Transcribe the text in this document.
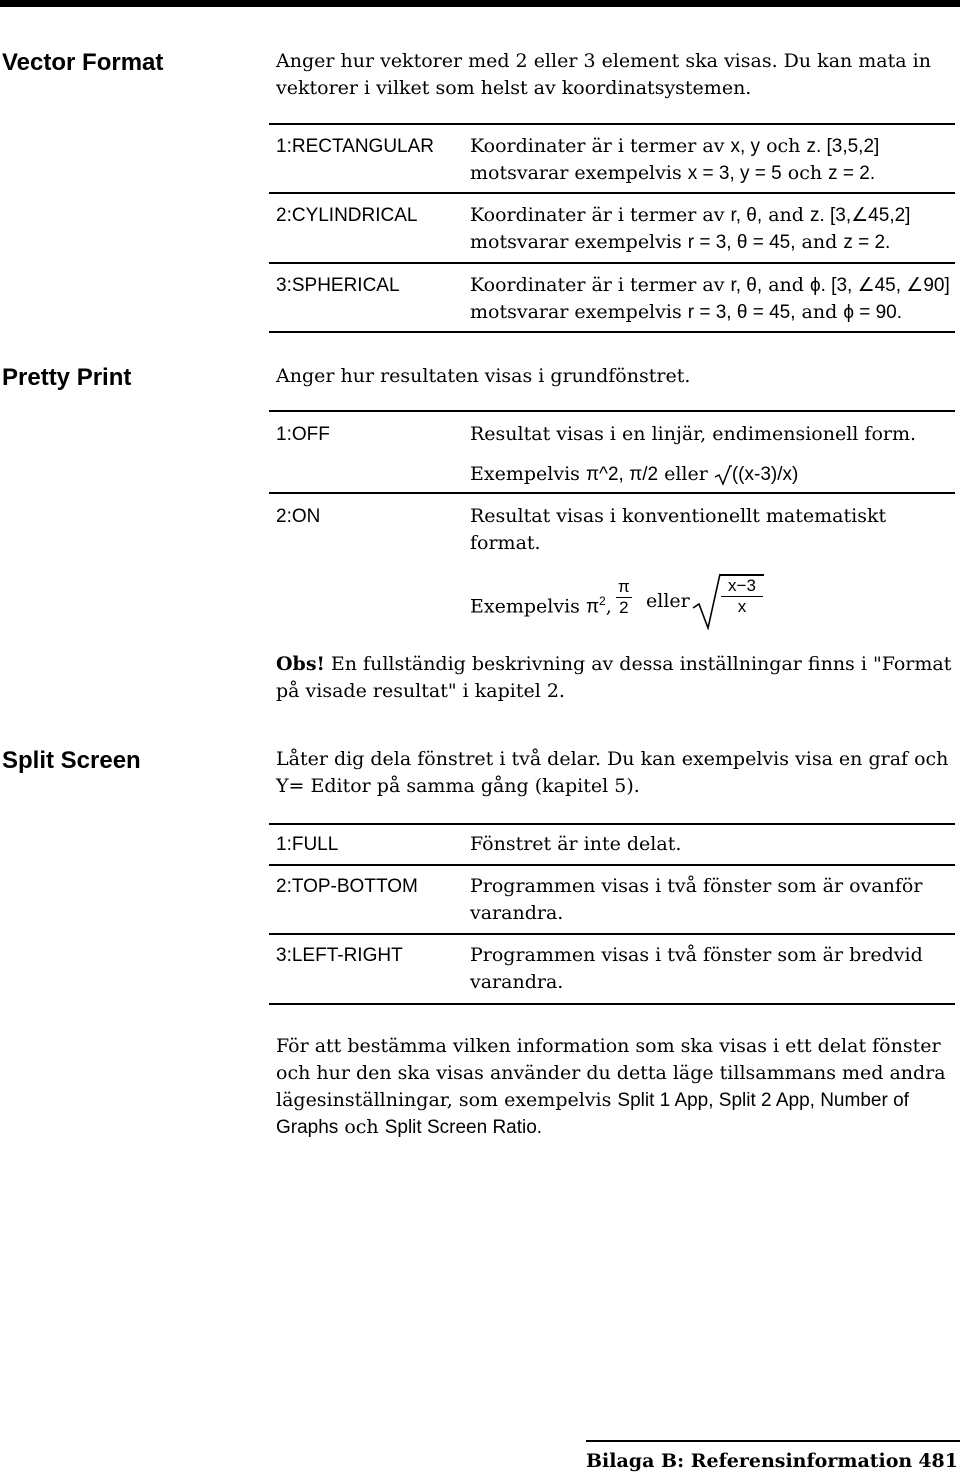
Vector Format	Anger hur vektorer med 2 eller 3 element ska visas. Du kan mata in

vektorer i vilket som helst av koordinatsystemen.

1:RECTANGULAR Koordinater är i termer av x, y och z. [3,5,2]
motsvarar exempelvis x = 3, y = 5 och z = 2.
2:CYLINDRICAL	Koordinater är i termer av r, θ, and z. [3,∠45,2]
motsvarar exempelvis r = 3, θ = 45, and z = 2.
3:SPHERICAL	Koordinater är i termer av r, θ, and ϕ. [3, ∠45, ∠90]
motsvarar exempelvis r = 3, θ = 45, and ϕ = 90.
Pretty Print	Anger hur resultaten visas i grundfönstret.

1:OFF	Resultat visas i en linjär, endimensionell form.
Exempelvis π^2, π/2 eller ((x-3)/x)
2:ON	Resultat visas i konventionellt matematiskt
format.
Exempelvis $\pi^2$, $\frac{\pi}{2}$ eller $\frac{x-3}{x}$

Obs! En fullständig beskrivning av dessa inställningar finns i "Format

på visade resultat" i kapitel 2.

Split Screen	Låter dig dela fönstret i två delar. Du kan exempelvis visa en graf och

Y= Editor på samma gång (kapitel 5).

1:FULL	Fönstret är inte delat.
2:TOP-BOTTOM	Programmen visas i två fönster som är ovanför
varandra.
3:LEFT-RIGHT	Programmen visas i två fönster som är bredvid
varandra.

För att bestämma vilken information som ska visas i ett delat fönster

och hur den ska visas använder du detta läge tillsammans med andra

lägesinställningar, som exempelvis Split 1 App, Split 2 App, Number of

Graphs och Split Screen Ratio.

Bilaga B: Referensinformation 481
